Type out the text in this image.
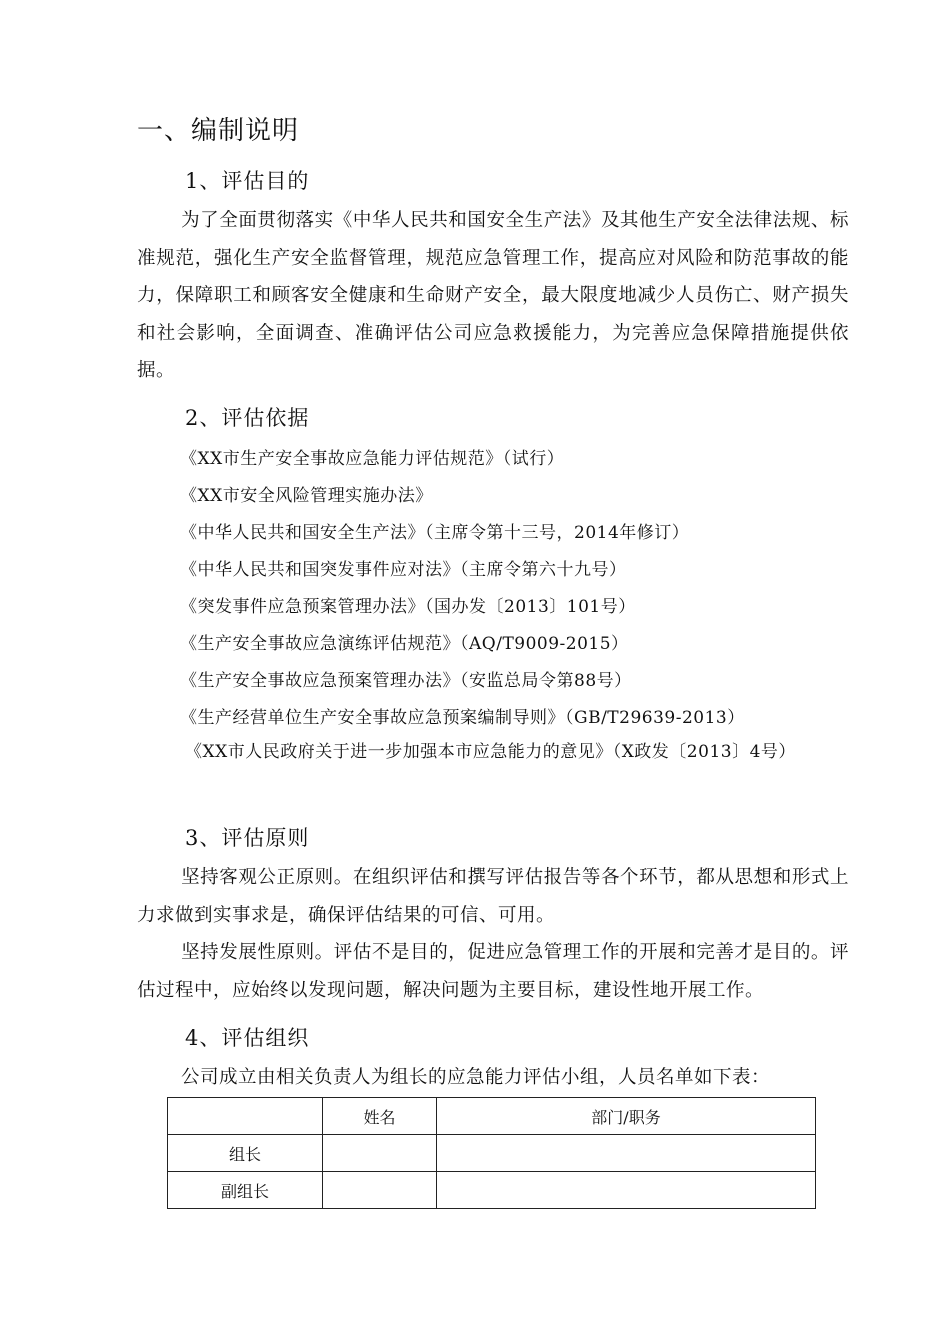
一、编制说明
1、评估目的
为了全面贯彻落实《中华人民共和国安全生产法》及其他生产安全法律法规、标准规范，强化生产安全监督管理，规范应急管理工作，提高应对风险和防范事故的能力，保障职工和顾客安全健康和生命财产安全，最大限度地减少人员伤亡、财产损失和社会影响，全面调查、准确评估公司应急救援能力，为完善应急保障措施提供依据。
2、评估依据
《XX市生产安全事故应急能力评估规范》（试行）
《XX市安全风险管理实施办法》
《中华人民共和国安全生产法》（主席令第十三号，2014年修订）
《中华人民共和国突发事件应对法》（主席令第六十九号）
《突发事件应急预案管理办法》（国办发〔2013〕101号）
《生产安全事故应急演练评估规范》（AQ/T9009-2015）
《生产安全事故应急预案管理办法》（安监总局令第88号）
《生产经营单位生产安全事故应急预案编制导则》（GB/T29639-2013）
《XX市人民政府关于进一步加强本市应急能力的意见》（X政发〔2013〕4号）
3、评估原则
坚持客观公正原则。在组织评估和撰写评估报告等各个环节，都从思想和形式上力求做到实事求是，确保评估结果的可信、可用。
坚持发展性原则。评估不是目的，促进应急管理工作的开展和完善才是目的。评估过程中，应始终以发现问题，解决问题为主要目标，建设性地开展工作。
4、评估组织
公司成立由相关负责人为组长的应急能力评估小组，人员名单如下表：
	姓名	部门/职务
组长		
副组长		
